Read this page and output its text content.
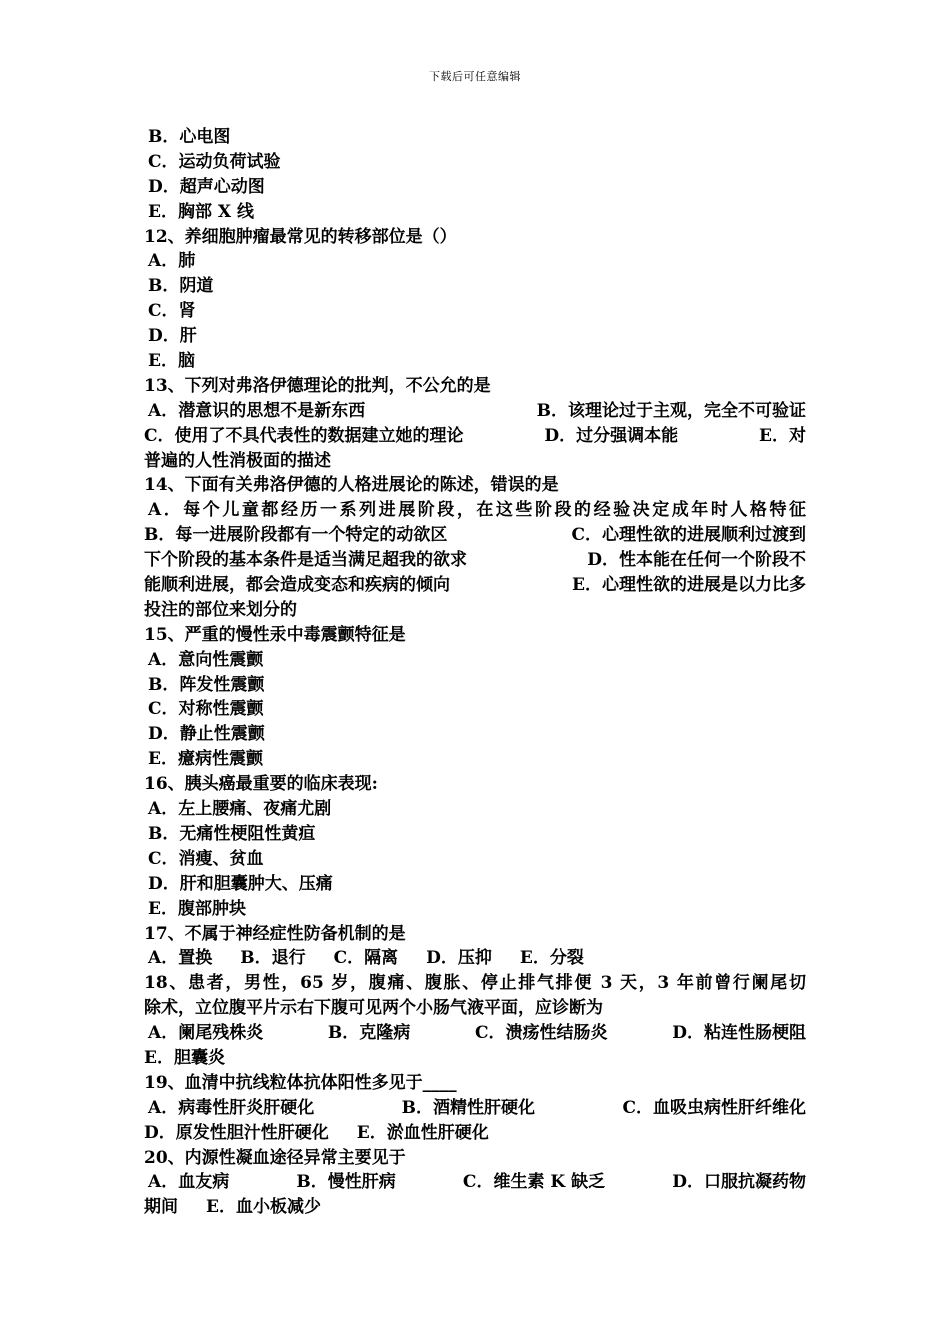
下载后可任意编辑
B．心电图
C．运动负荷试验
D．超声心动图
E．胸部 X 线
12、养细胞肿瘤最常见的转移部位是（）
A．肺
B．阴道
C．肾
D．肝
E．脑
13、下列对弗洛伊德理论的批判，不公允的是
A．潜意识的思想不是新东西	B．该理论过于主观，完全不可验证
C．使用了不具代表性的数据建立她的理论	D．过分强调本能	E．对
普遍的人性消极面的描述
14、下面有关弗洛伊德的人格进展论的陈述，错误的是
A．每个儿童都经历一系列进展阶段，在这些阶段的经验决定成年时人格特征
B．每一进展阶段都有一个特定的动欲区	C．心理性欲的进展顺利过渡到
下个阶段的基本条件是适当满足超我的欲求	D．性本能在任何一个阶段不
能顺利进展，都会造成变态和疾病的倾向	E．心理性欲的进展是以力比多
投注的部位来划分的
15、严重的慢性汞中毒震颤特征是
A．意向性震颤
B．阵发性震颤
C．对称性震颤
D．静止性震颤
E．癔病性震颤
16、胰头癌最重要的临床表现:
A．左上腰痛、夜痛尤剧
B．无痛性梗阻性黄疸
C．消瘦、贫血
D．肝和胆囊肿大、压痛
E．腹部肿块
17、不属于神经症性防备机制的是
A．置换 B．退行 C．隔离 D．压抑 E．分裂
18、患者，男性，65 岁，腹痛、腹胀、停止排气排便 3 天，3 年前曾行阑尾切
除术，立位腹平片示右下腹可见两个小肠气液平面，应诊断为
A．阑尾残株炎	B．克隆病	C．溃疡性结肠炎	D．粘连性肠梗阻
E．胆囊炎
19、血清中抗线粒体抗体阳性多见于____
A．病毒性肝炎肝硬化	B．酒精性肝硬化	C．血吸虫病性肝纤维化
D．原发性胆汁性肝硬化 E．淤血性肝硬化
20、内源性凝血途径异常主要见于
A．血友病	B．慢性肝病	C．维生素 K 缺乏	D．口服抗凝药物
期间 E．血小板减少
